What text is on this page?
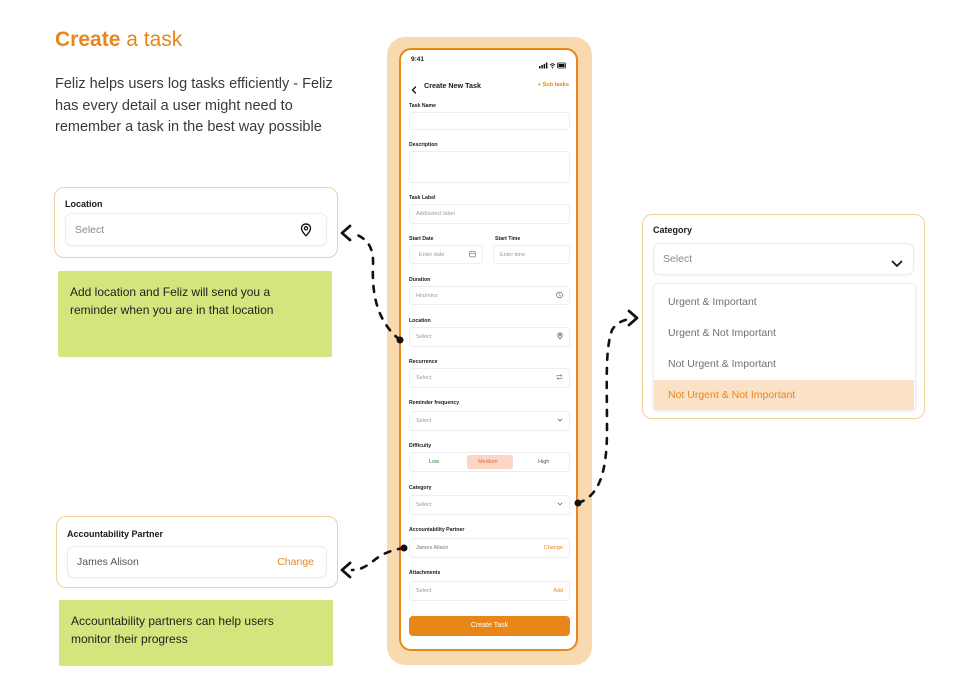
Create a task
Feliz helps users log tasks efficiently - Feliz has every detail a user might need to remember a task in the best way possible
Location
Select
Add location and Feliz will send you a reminder when you are in that location
Accountability Partner
James Alison	Change
Accountability partners can help users monitor their progress
Category
Select
Urgent & Important
Urgent & Not Important
Not Urgent & Important
Not Urgent & Not Important
9:41
Create New Task	+ Sub tasks
Task Name
Description
Task Label
Add/select label
Start Date
Enter date
Start Time
Enter time
Duration
Hrs/mins
Location
Select
Recurrence
Select
Reminder frequency
Select
Difficulty
Low	Medium	High
Category
Select
Accountability Partner
James Alison	Change
Attachments
Select	Add
Create Task
